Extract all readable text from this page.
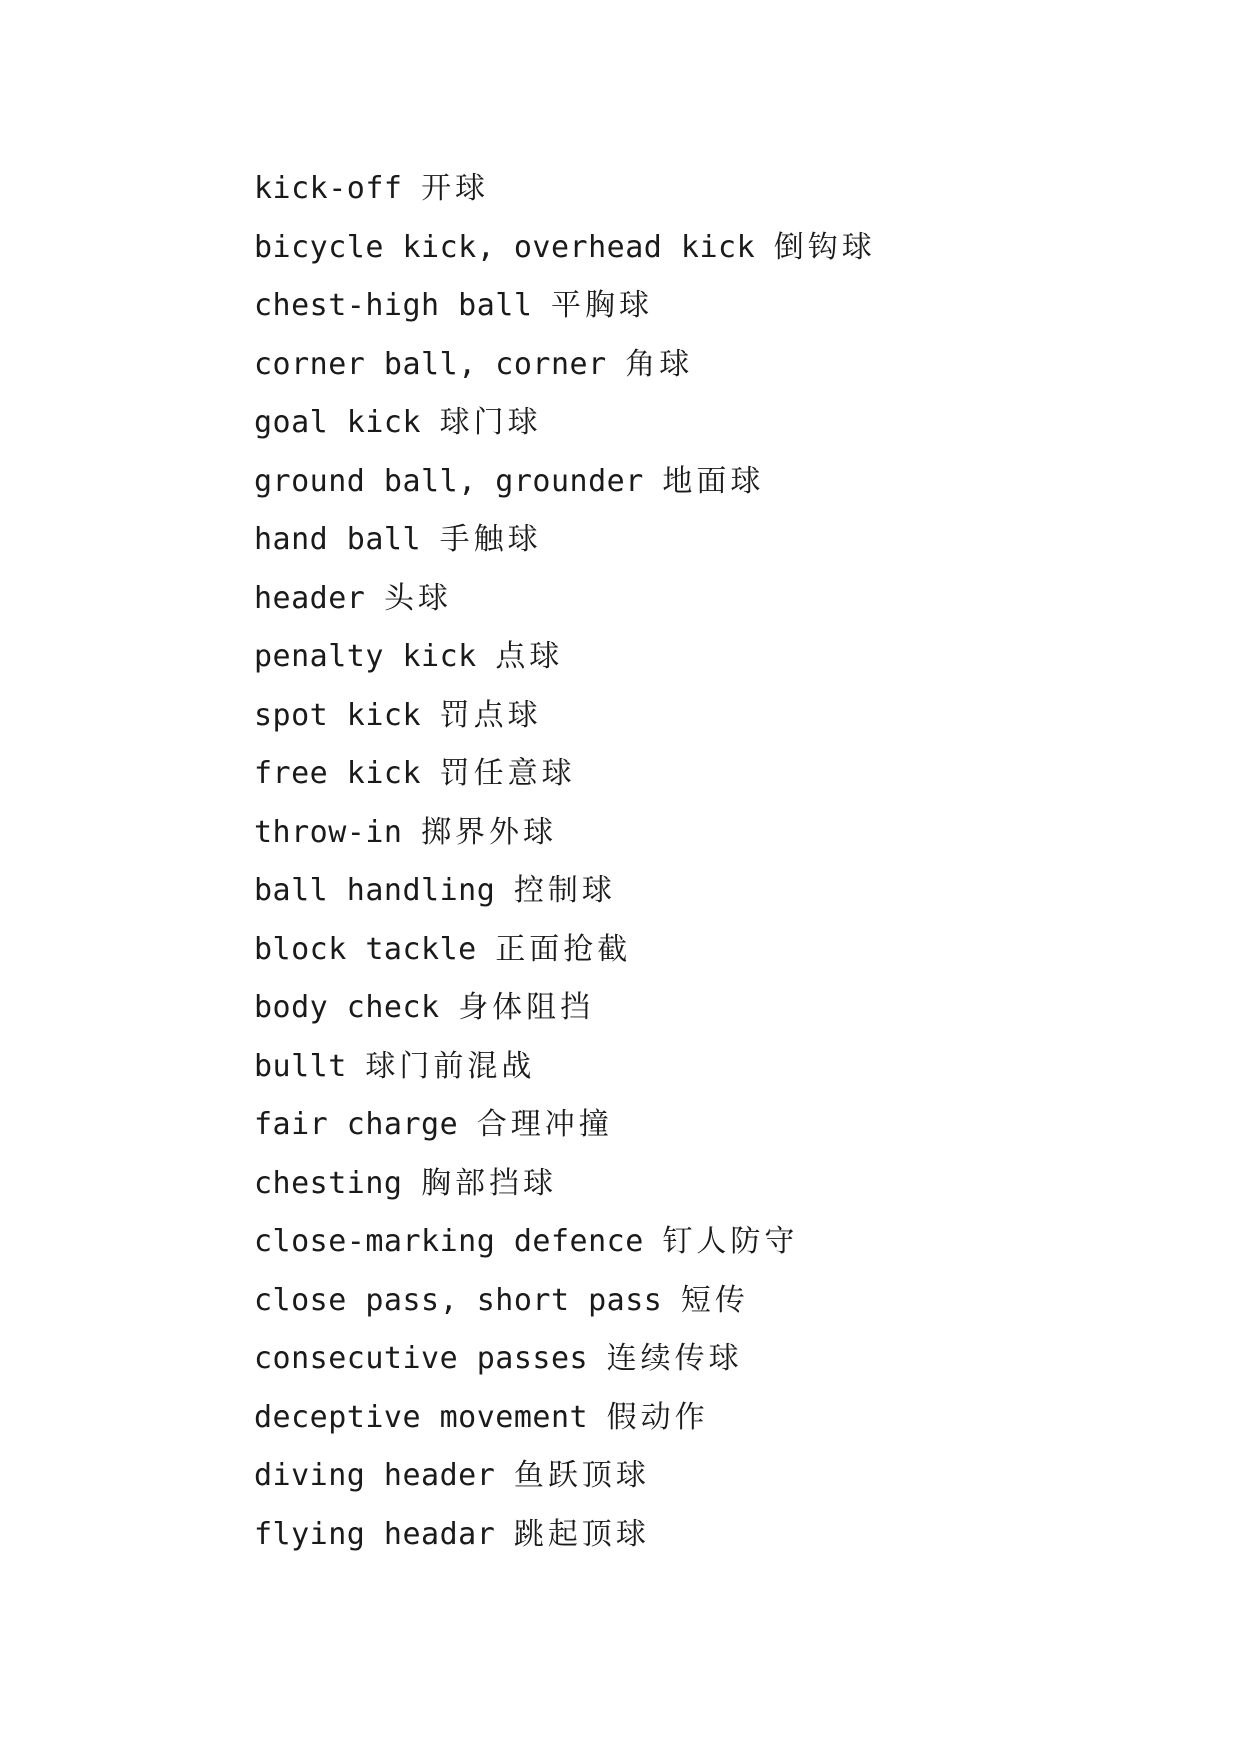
kick-off 开球
bicycle kick, overhead kick 倒钩球
chest-high ball 平胸球
corner ball, corner 角球
goal kick 球门球
ground ball, grounder 地面球
hand ball 手触球
header 头球
penalty kick 点球
spot kick 罚点球
free kick 罚任意球
throw-in 掷界外球
ball handling 控制球
block tackle 正面抢截
body check 身体阻挡
bullt 球门前混战
fair charge 合理冲撞
chesting 胸部挡球
close-marking defence 钉人防守
close pass, short pass 短传
consecutive passes 连续传球
deceptive movement 假动作
diving header 鱼跃顶球
flying headar 跳起顶球
